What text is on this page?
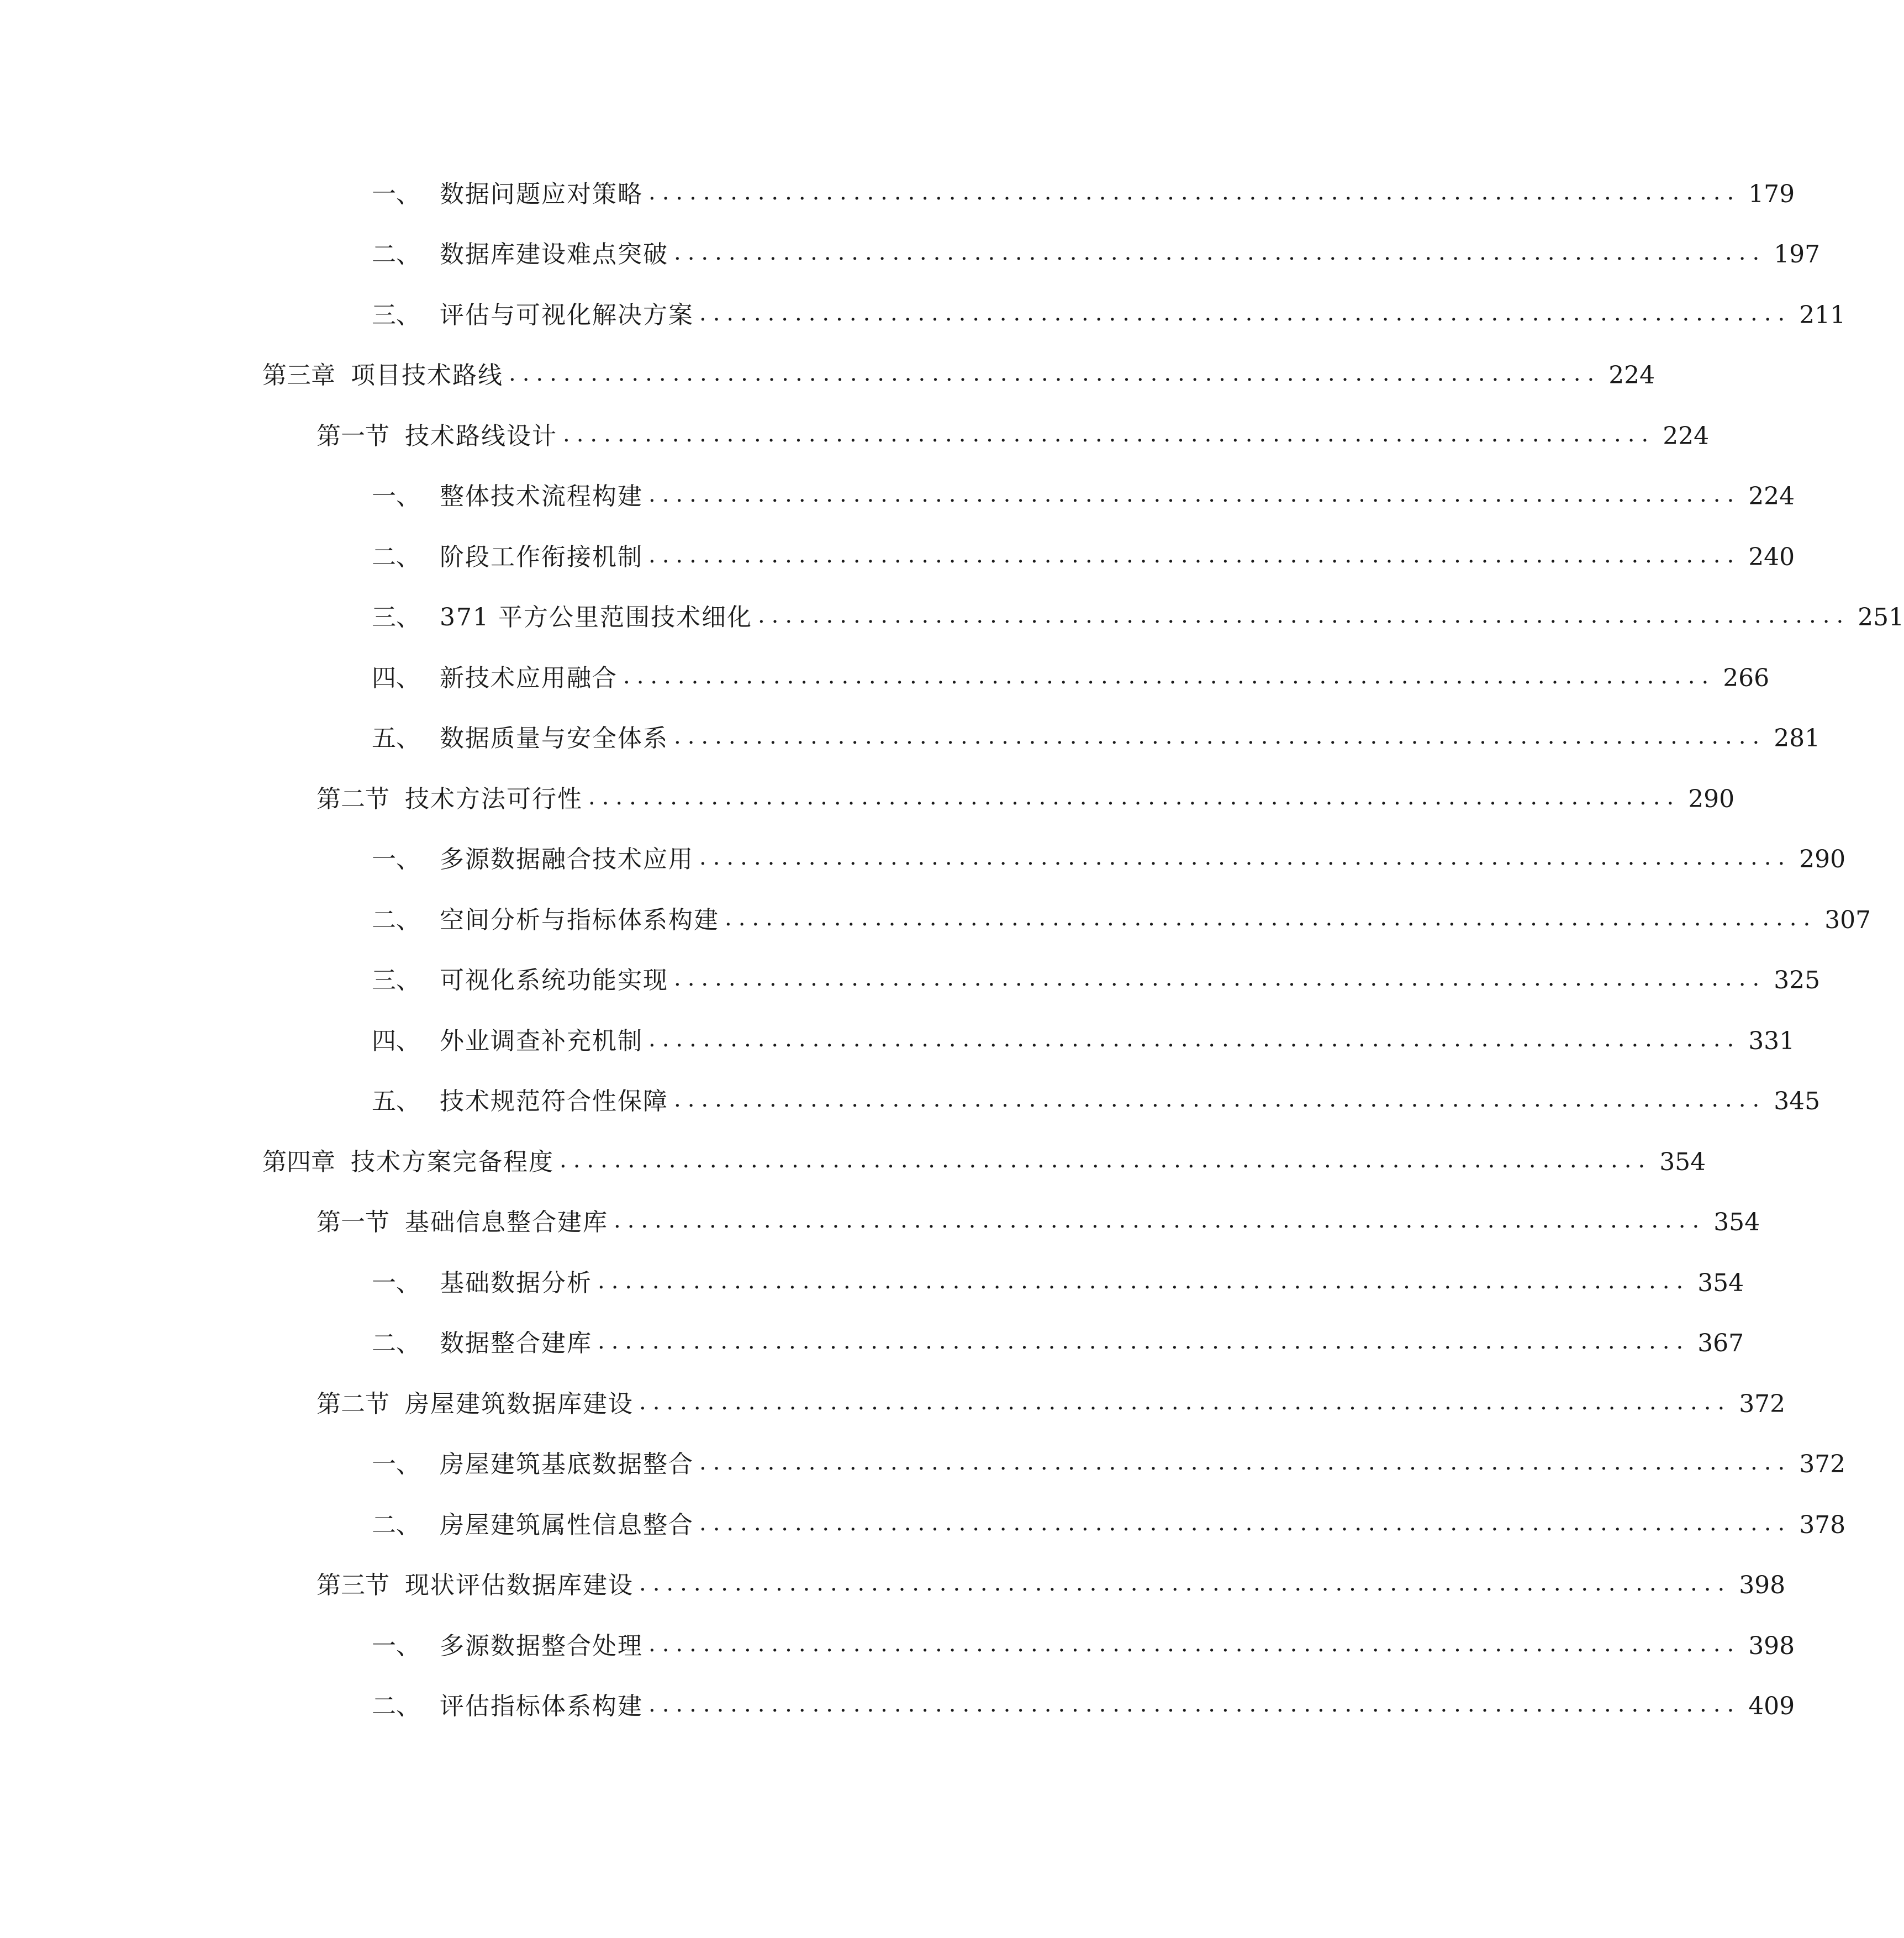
一、 数据问题应对策略 ................................................................................ 179
二、 数据库建设难点突破 ................................................................................ 197
三、 评估与可视化解决方案 ................................................................................ 211
第三章 项目技术路线 ................................................................................ 224
第一节 技术路线设计 ................................................................................ 224
一、 整体技术流程构建 ................................................................................ 224
二、 阶段工作衔接机制 ................................................................................ 240
三、 371 平方公里范围技术细化 ................................................................................ 251
四、 新技术应用融合 ................................................................................ 266
五、 数据质量与安全体系 ................................................................................ 281
第二节 技术方法可行性 ................................................................................ 290
一、 多源数据融合技术应用 ................................................................................ 290
二、 空间分析与指标体系构建 ................................................................................ 307
三、 可视化系统功能实现 ................................................................................ 325
四、 外业调查补充机制 ................................................................................ 331
五、 技术规范符合性保障 ................................................................................ 345
第四章 技术方案完备程度 ................................................................................ 354
第一节 基础信息整合建库 ................................................................................ 354
一、 基础数据分析 ................................................................................ 354
二、 数据整合建库 ................................................................................ 367
第二节 房屋建筑数据库建设 ................................................................................ 372
一、 房屋建筑基底数据整合 ................................................................................ 372
二、 房屋建筑属性信息整合 ................................................................................ 378
第三节 现状评估数据库建设 ................................................................................ 398
一、 多源数据整合处理 ................................................................................ 398
二、 评估指标体系构建 ................................................................................ 409
